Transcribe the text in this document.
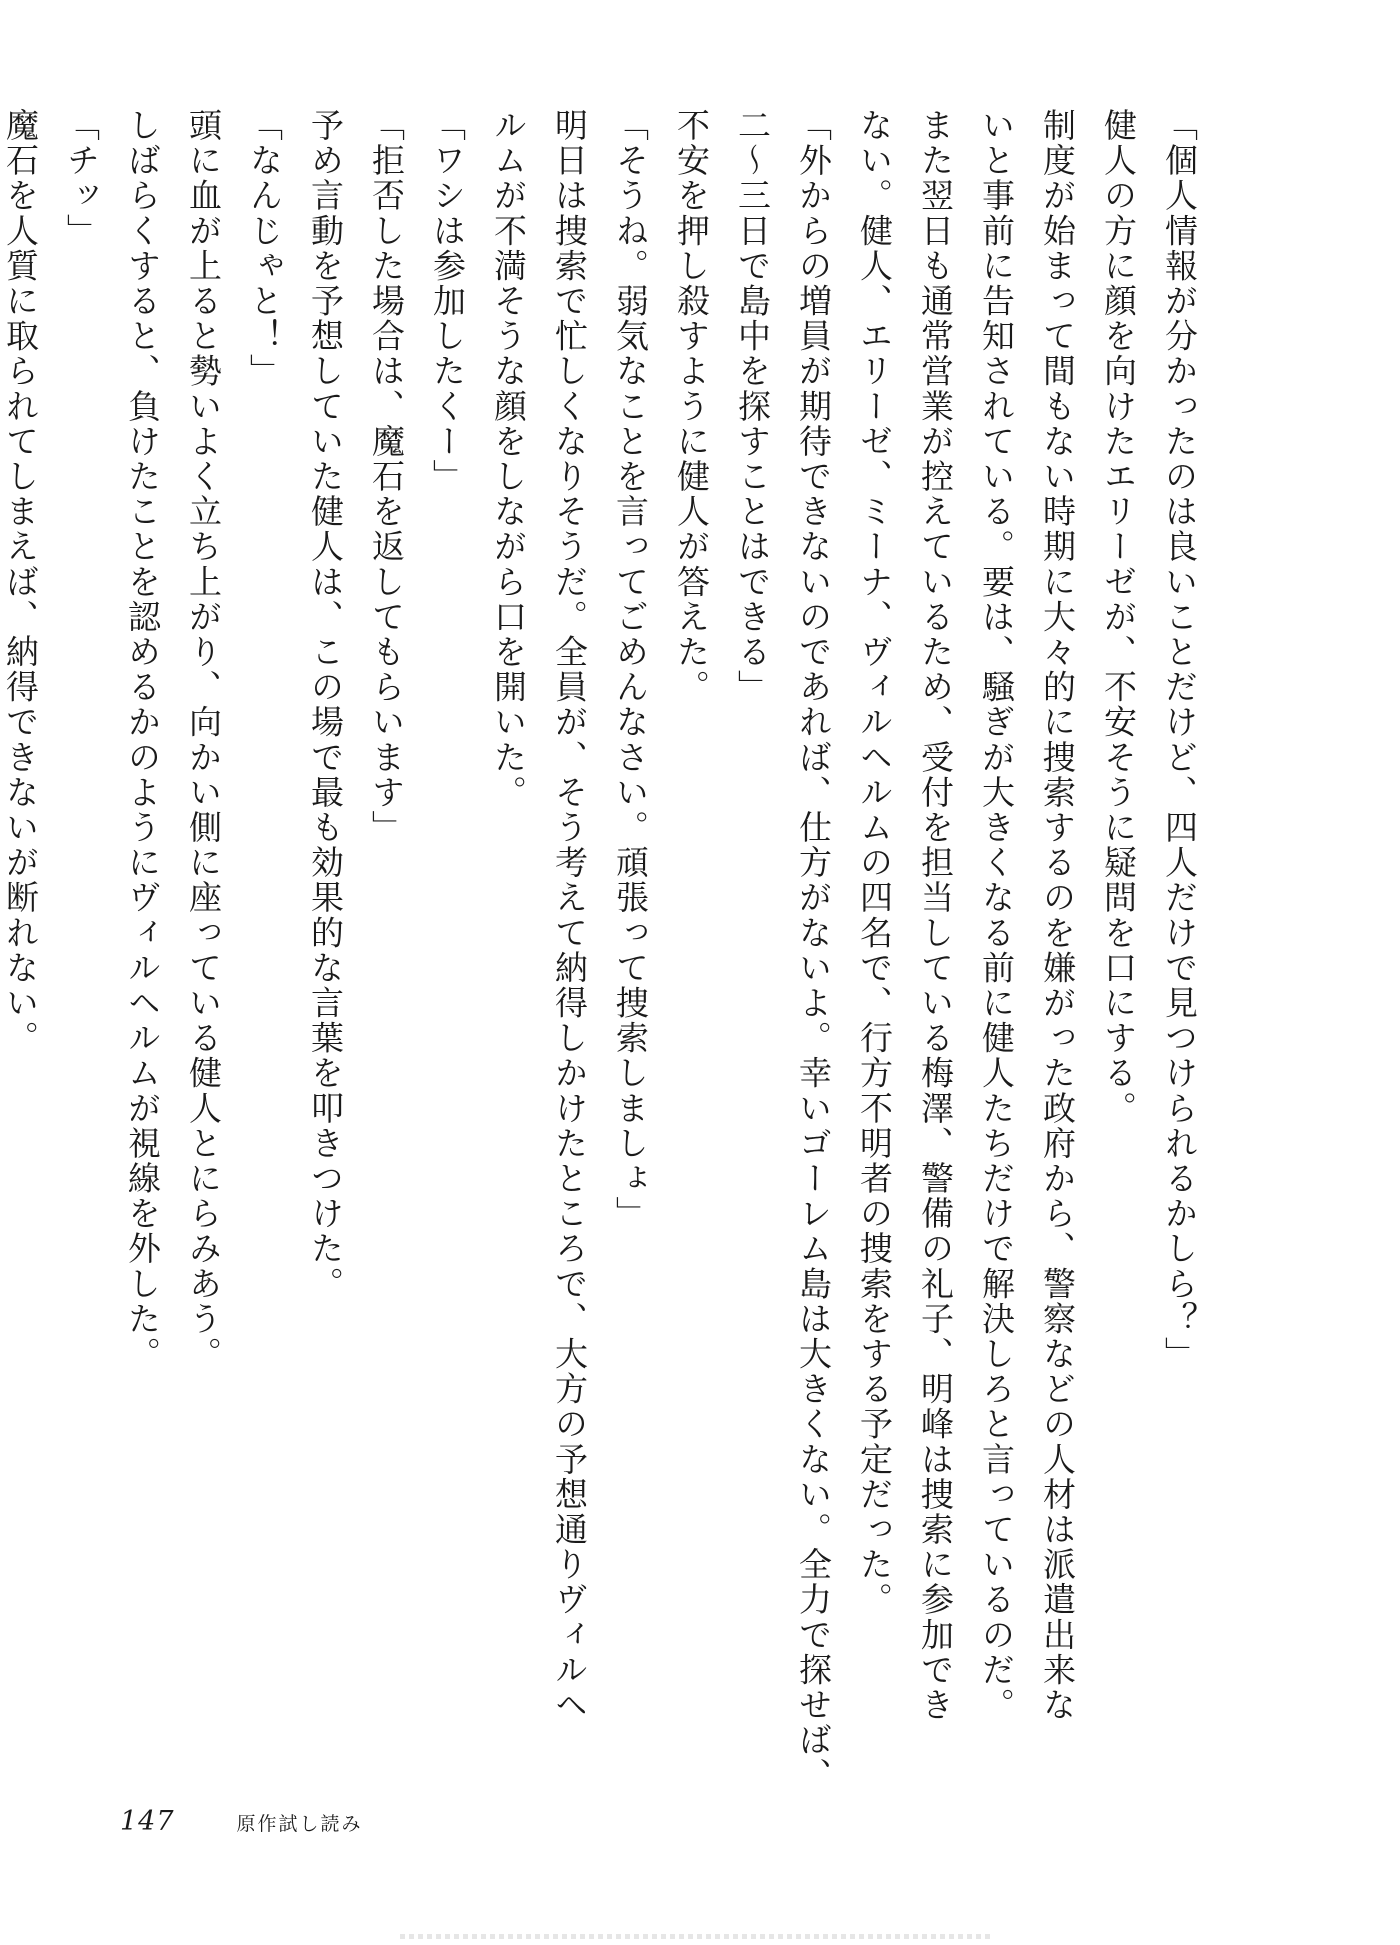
「個人情報が分かったのは良いことだけど、四人だけで見つけられるかしら？」
健人の方に顔を向けたエリーゼが、不安そうに疑問を口にする。
制度が始まって間もない時期に大々的に捜索するのを嫌がった政府から、警察などの人材は派遣出来な
いと事前に告知されている。要は、騒ぎが大きくなる前に健人たちだけで解決しろと言っているのだ。
また翌日も通常営業が控えているため、受付を担当している梅澤、警備の礼子、明峰は捜索に参加でき
ない。健人、エリーゼ、ミーナ、ヴィルヘルムの四名で、行方不明者の捜索をする予定だった。
「外からの増員が期待できないのであれば、仕方がないよ。幸いゴーレム島は大きくない。全力で探せば、
二～三日で島中を探すことはできる」
不安を押し殺すように健人が答えた。
「そうね。弱気なことを言ってごめんなさい。頑張って捜索しましょ」
明日は捜索で忙しくなりそうだ。全員が、そう考えて納得しかけたところで、大方の予想通りヴィルヘ
ルムが不満そうな顔をしながら口を開いた。
「ワシは参加したくー」
「拒否した場合は、魔石を返してもらいます」
予め言動を予想していた健人は、この場で最も効果的な言葉を叩きつけた。
「なんじゃと！」
頭に血が上ると勢いよく立ち上がり、向かい側に座っている健人とにらみあう。
しばらくすると、負けたことを認めるかのようにヴィルヘルムが視線を外した。
「チッ」
魔石を人質に取られてしまえば、納得できないが断れない。
147	原作試し読み
